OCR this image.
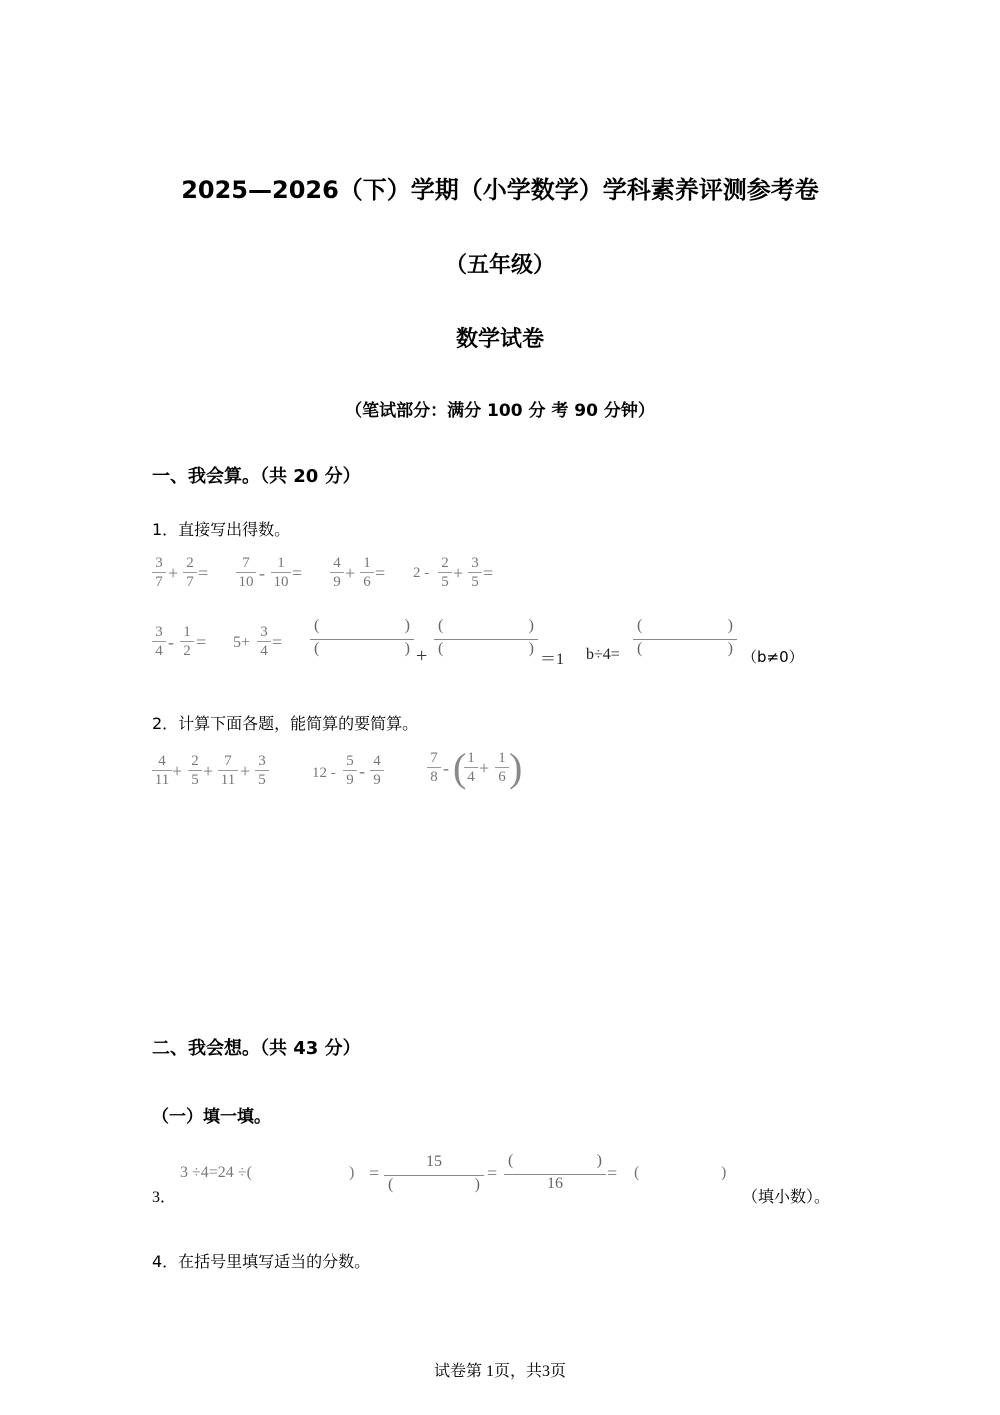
2025—2026（下）学期（小学数学）学科素养评测参考卷
（五年级）
数学试卷
（笔试部分：满分 100 分 考 90 分钟）
一、我会算。（共 20 分）
1．直接写出得数。
$\frac{3}{7} + \frac{2}{7} = \frac{7}{10} - \frac{1}{10} = \frac{4}{9} + \frac{1}{6} = 2 - \frac{2}{5} + \frac{3}{5}$ =
$\frac{3}{4} - \frac{1}{2} = 5+ \frac{3}{4}$ =
(	)
(	) +
(	)
(	)
＝1 b÷4=
(	)
(	) （b≠0）
2．计算下面各题，能简算的要简算。
$\frac{4}{11} + \frac{2}{5} + \frac{7}{11} + \frac{3}{5}$	$12 - \frac{5}{9} - \frac{4}{9}$	$\frac{7}{8}$ - (
$\frac{1}{4} + \frac{1}{6}$ )
二、我会想。（共 43 分）
（一）填一填。
3．
3 ÷4=24 ÷(	) =
15
(	)
=
(	)
16
= (	)
（填小数）。
4．在括号里填写适当的分数。
试卷第 1页，共3页
